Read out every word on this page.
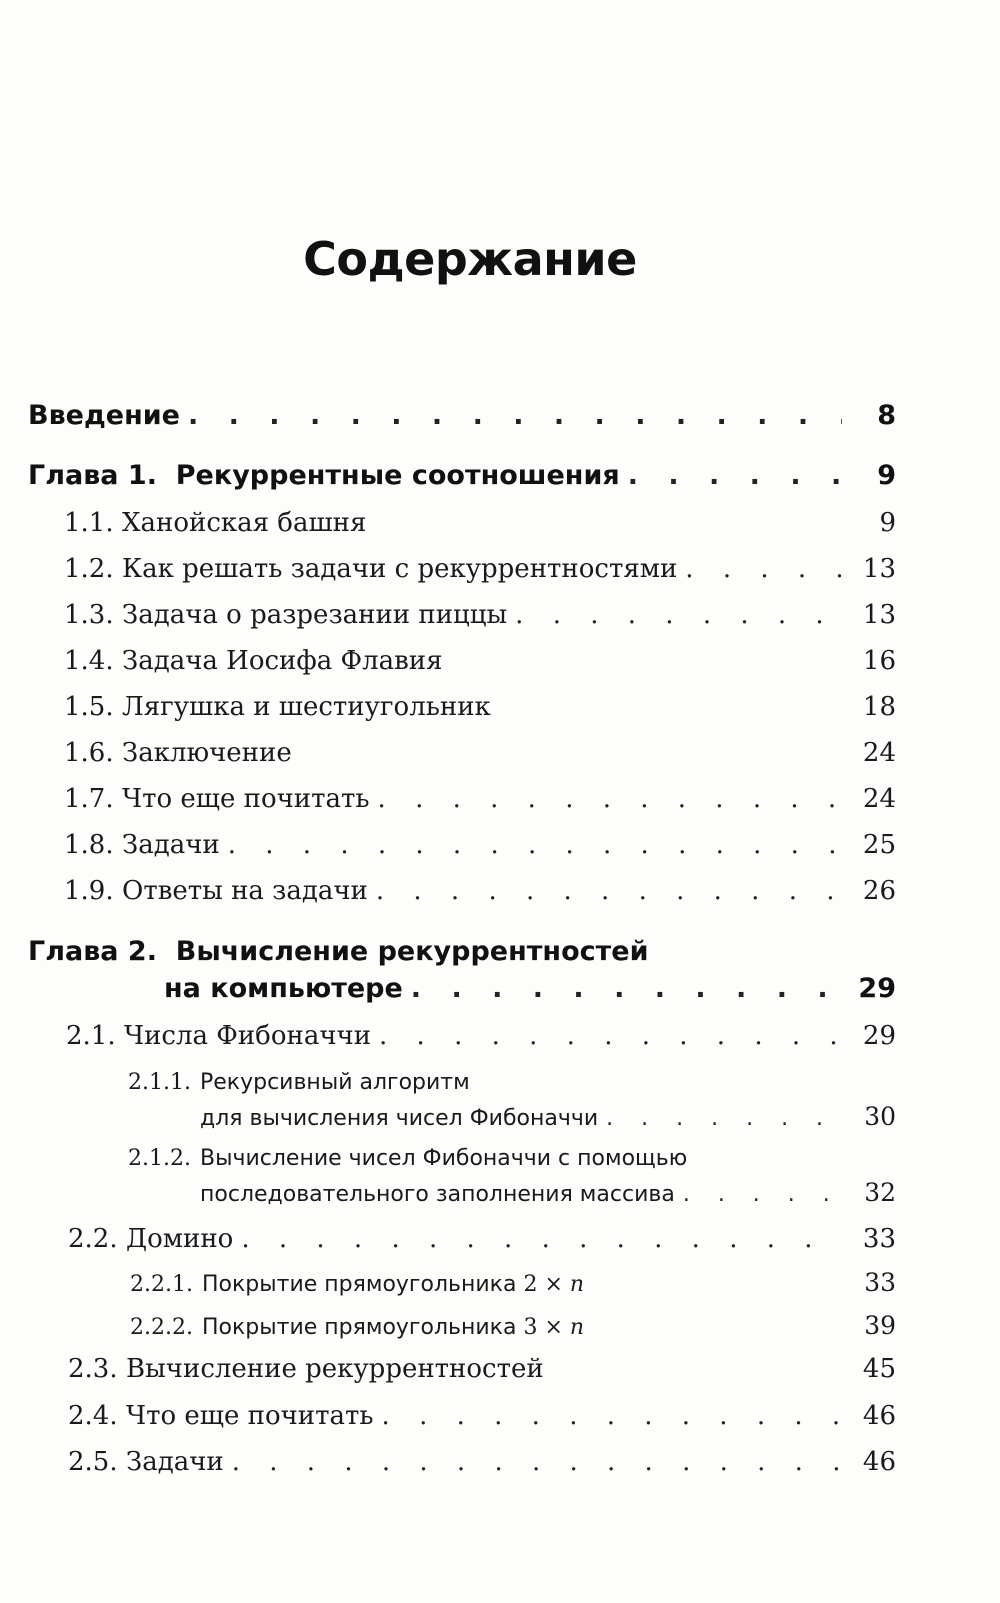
Содержание
Введение . . .	8
Глава 1. Рекуррентные соотношения . . .	9
1.1. Ханойская башня	9
1.2. Как решать задачи с рекуррентностями . . .	13
1.3. Задача о разрезании пиццы . . .	13
1.4. Задача Иосифа Флавия	16
1.5. Лягушка и шестиугольник	18
1.6. Заключение	24
1.7. Что еще почитать . . .	24
1.8. Задачи . . .	25
1.9. Ответы на задачи . . .	26
Глава 2. Вычисление рекуррентностей
на компьютере . . .	29
2.1. Числа Фибоначчи . . .	29
2.1.1. Рекурсивный алгоритм
для вычисления чисел Фибоначчи . . .	30
2.1.2. Вычисление чисел Фибоначчи с помощью
последовательного заполнения массива . . .	32
2.2. Домино . . .	33
2.2.1. Покрытие прямоугольника 2 × n	33
2.2.2. Покрытие прямоугольника 3 × n	39
2.3. Вычисление рекуррентностей	45
2.4. Что еще почитать . . .	46
2.5. Задачи . . .	46
